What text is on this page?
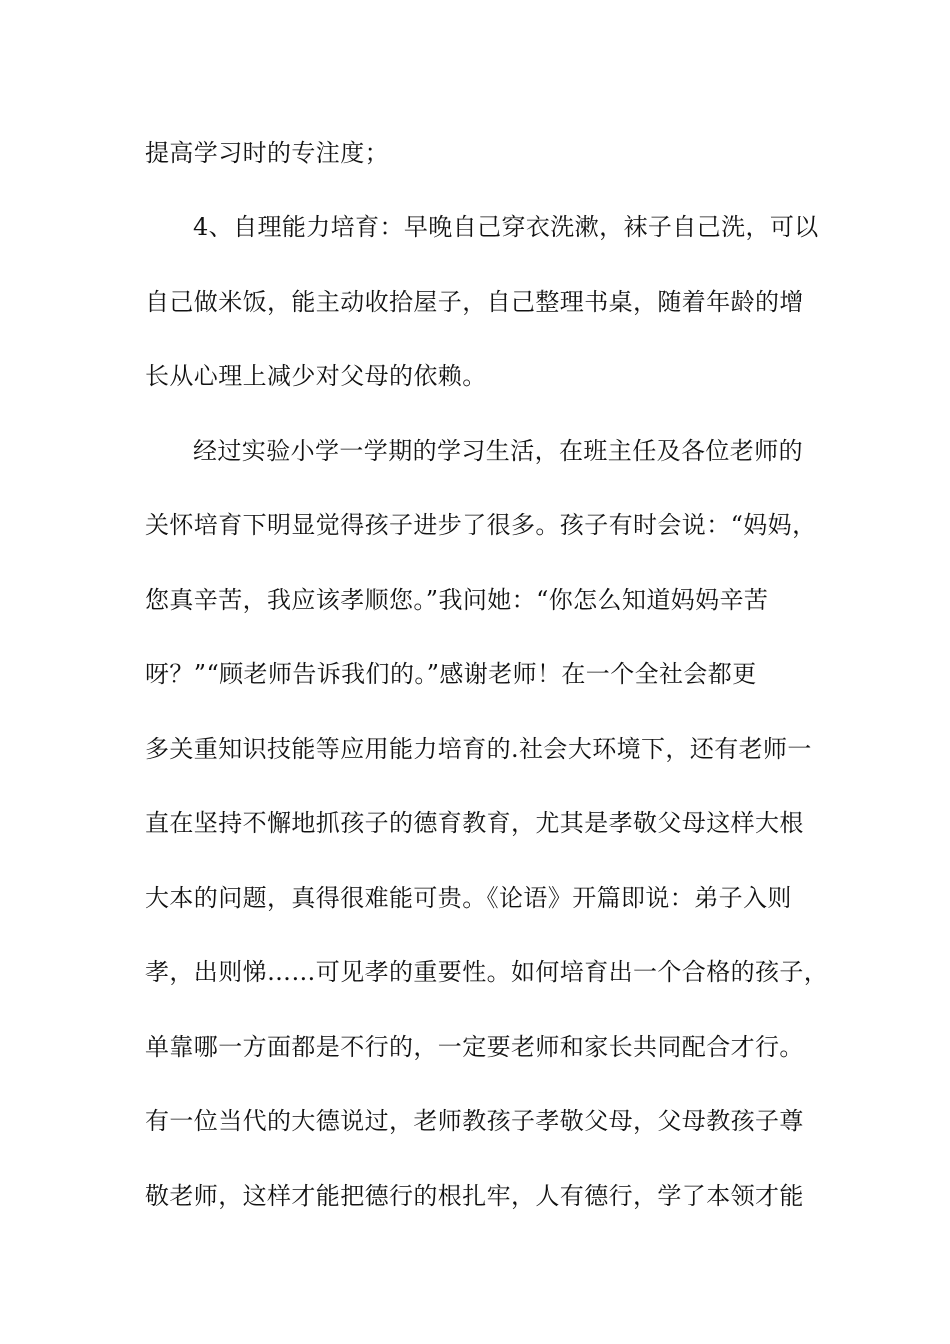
提高学习时的专注度；
4、自理能力培育：早晚自己穿衣洗漱，袜子自己洗，可以
自己做米饭，能主动收拾屋子，自己整理书桌，随着年龄的增
长从心理上减少对父母的依赖。
经过实验小学一学期的学习生活，在班主任及各位老师的
关怀培育下明显觉得孩子进步了很多。孩子有时会说：“妈妈，
您真辛苦，我应该孝顺您。”我问她：“你怎么知道妈妈辛苦
呀？”“顾老师告诉我们的。”感谢老师！在一个全社会都更
多关重知识技能等应用能力培育的.社会大环境下，还有老师一
直在坚持不懈地抓孩子的德育教育，尤其是孝敬父母这样大根
大本的问题，真得很难能可贵。《论语》开篇即说：弟子入则
孝，出则悌……可见孝的重要性。如何培育出一个合格的孩子，
单靠哪一方面都是不行的，一定要老师和家长共同配合才行。
有一位当代的大德说过，老师教孩子孝敬父母，父母教孩子尊
敬老师，这样才能把德行的根扎牢，人有德行，学了本领才能
